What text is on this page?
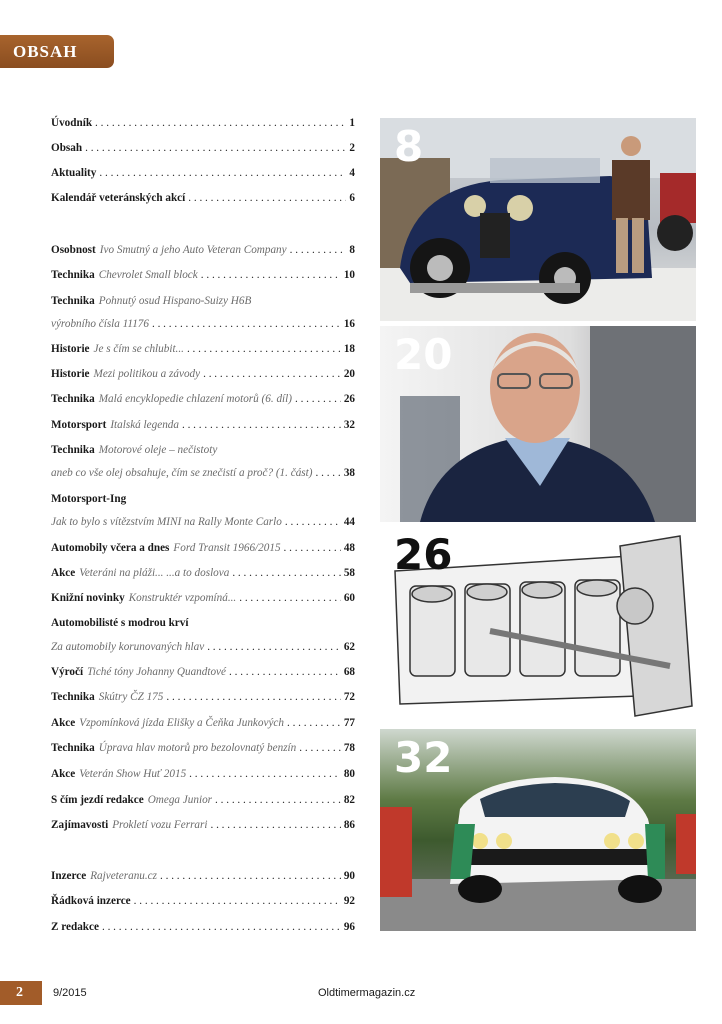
OBSAH
Úvodník . . .	1
Obsah . . .	2
Aktuality . . .	4
Kalendář veteránských akcí . . .	6
Osobnost Ivo Smutný a jeho Auto Veteran Company . . .	8
Technika Chevrolet Small block . . .	10
Technika Pohnutý osud Hispano-Suizy H6B
výrobního čísla 11176 . . .	16
Historie Je s čím se chlubit... . . .	18
Historie Mezi politikou a závody . . .	20
Technika Malá encyklopedie chlazení motorů (6. díl) . . .	26
Motorsport Italská legenda . . .	32
Technika Motorové oleje – nečistoty
aneb co vše olej obsahuje, čím se znečistí a proč? (1. část) . . .	38
Motorsport-Ing
Jak to bylo s vítězstvím MINI na Rally Monte Carlo . . .	44
Automobily včera a dnes Ford Transit 1966/2015 . . .	48
Akce Veteráni na pláži... ...a to doslova . . .	58
Knižní novinky Konstruktér vzpomíná... . . .	60
Automobilisté s modrou krví
Za automobily korunovaných hlav . . .	62
Výročí Tiché tóny Johanny Quandtové . . .	68
Technika Skútry ČZ 175 . . .	72
Akce Vzpomínková jízda Elišky a Čeňka Junkových . . .	77
Technika Úprava hlav motorů pro bezolovnatý benzín . . .	78
Akce Veterán Show Huť 2015 . . .	80
S čím jezdí redakce Omega Junior . . .	82
Zajímavosti Prokletí vozu Ferrari . . .	86
Inzerce Rajveteranu.cz . . .	90
Řádková inzerce . . .	92
Z redakce . . .	96
8
20
26
32
2	9/2015	Oldtimermagazin.cz
